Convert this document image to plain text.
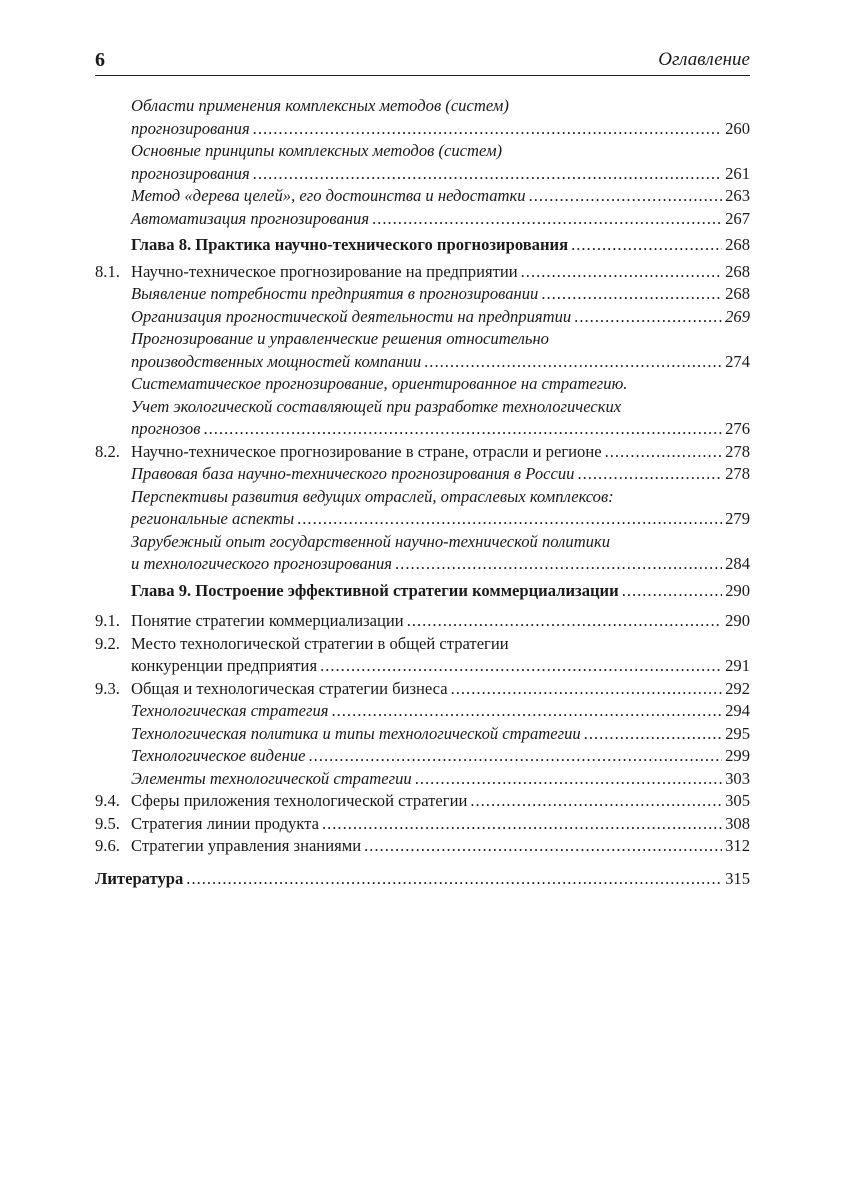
6	Оглавление
Области применения комплексных методов (систем)
прогнозирования .....	260
Основные принципы комплексных методов (систем)
прогнозирования .....	261
Метод «дерева целей», его достоинства и недостатки .....	263
Автоматизация прогнозирования .....	267
Глава 8. Практика научно-технического прогнозирования .....	268
8.1. Научно-техническое прогнозирование на предприятии .....	268
Выявление потребности предприятия в прогнозировании .....	268
Организация прогностической деятельности на предприятии .....	269
Прогнозирование и управленческие решения относительно
производственных мощностей компании .....	274
Систематическое прогнозирование, ориентированное на стратегию.
Учет экологической составляющей при разработке технологических
прогнозов .....	276
8.2. Научно-техническое прогнозирование в стране, отрасли и регионе .....	278
Правовая база научно-технического прогнозирования в России .....	278
Перспективы развития ведущих отраслей, отраслевых комплексов:
региональные аспекты .....	279
Зарубежный опыт государственной научно-технической политики
и технологического прогнозирования .....	284
Глава 9. Построение эффективной стратегии коммерциализации .....	290
9.1. Понятие стратегии коммерциализации .....	290
9.2. Место технологической стратегии в общей стратегии
конкуренции предприятия .....	291
9.3. Общая и технологическая стратегии бизнеса .....	292
Технологическая стратегия .....	294
Технологическая политика и типы технологической стратегии .....	295
Технологическое видение .....	299
Элементы технологической стратегии .....	303
9.4. Сферы приложения технологической стратегии .....	305
9.5. Стратегия линии продукта .....	308
9.6. Стратегии управления знаниями .....	312
Литература .....	315
